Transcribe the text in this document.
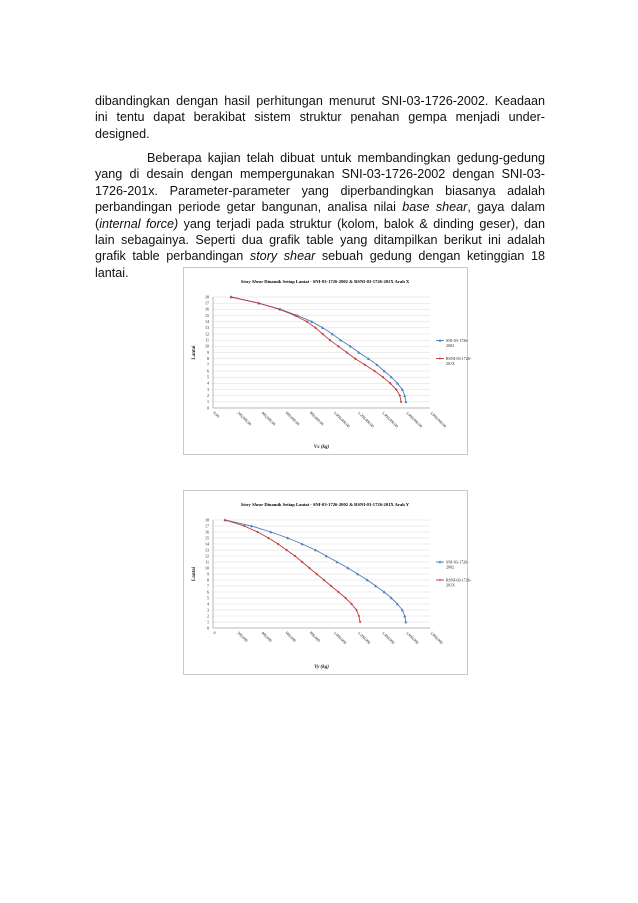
dibandingkan dengan hasil perhitungan menurut SNI-03-1726-2002. Keadaan ini tentu dapat berakibat sistem struktur penahan gempa menjadi under-designed.

Beberapa kajian telah dibuat untuk membandingkan gedung-gedung yang di desain dengan mempergunakan SNI-03-1726-2002 dengan SNI-03-1726-201x. Parameter-parameter yang diperbandingkan biasanya adalah perbandingan periode getar bangunan, analisa nilai base shear, gaya dalam (internal force) yang terjadi pada struktur (kolom, balok & dinding geser), dan lain sebagainya. Seperti dua grafik table yang ditampilkan berikut ini adalah grafik table perbandingan story shear sebuah gedung dengan ketinggian 18 lantai.

Story Shear Dinamik Setiap Lantai - SNI-03-1726-2002 & RSNI-03-1726-201X Arah X
0
1
2
3
4
5
6
7
8
9
10
11
12
13
14
15
16
17
18
0.00	200,000.00 400,000.00 600,000.00 800,000.00 1,000,000.00 1,200,000.00 1,400,000.00 1,600,000.00 1,800,000.00
Vx (kg)
Lantai
SNI-03-1726-2002
RSNI-03-1726-201X
Story Shear Dinamik Setiap Lantai - SNI-03-1726-2002 & RSNI-03-1726-201X Arah Y
0
1
2
3
4
5
6
7
8
9
10
11
12
13
14
15
16
17
18
0	200,000	400,000	600,000	800,000	1,000,000 1,200,000 1,400,000 1,600,000 1,800,000
Vy (kg)
Lantai
SNI-03-1726-2002
RSNI-03-1726-201X
